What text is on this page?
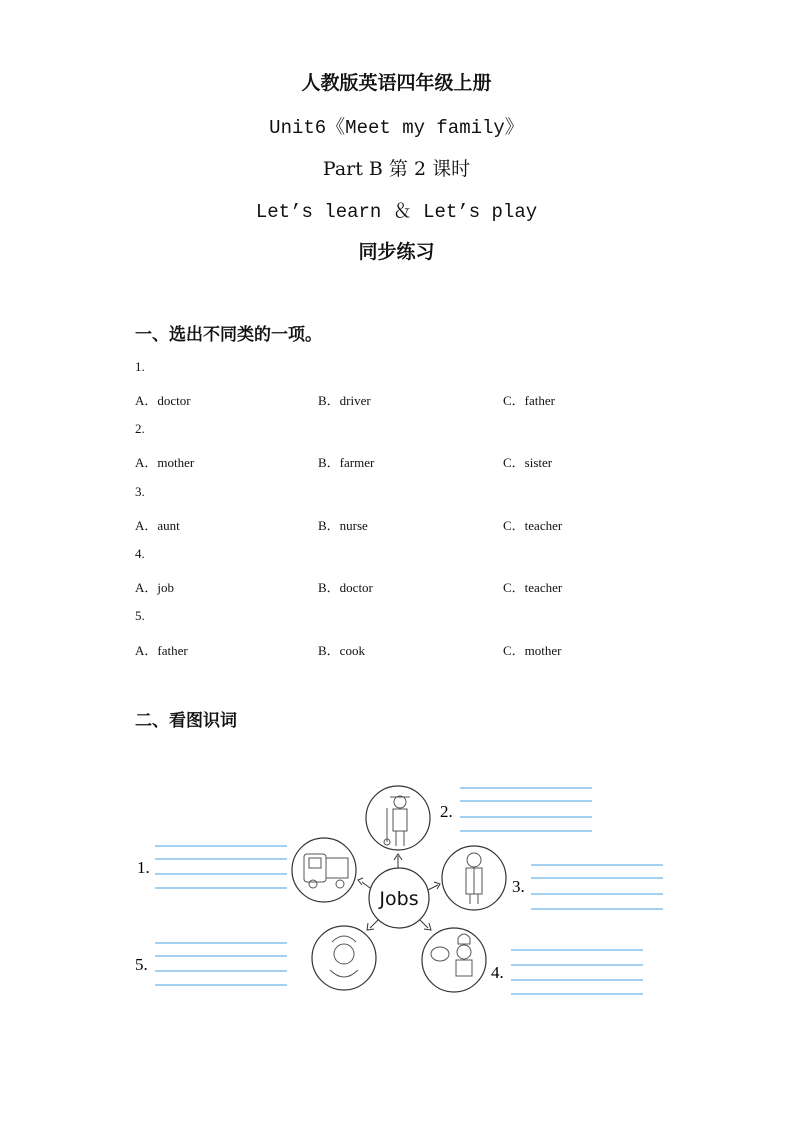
人教版英语四年级上册
Unit6《Meet my family》
Part B 第 2 课时
Let’s learn ＆ Let’s play
同步练习
一、选出不同类的一项。
1.
A．doctor	B．driver	C．father
2.
A．mother	B．farmer	C．sister
3.
A．aunt	B．nurse	C．teacher
4.
A．job	B．doctor	C．teacher
5.
A．father	B．cook	C．mother
二、看图识词
Jobs
1.
2.
3.
4.
5.
